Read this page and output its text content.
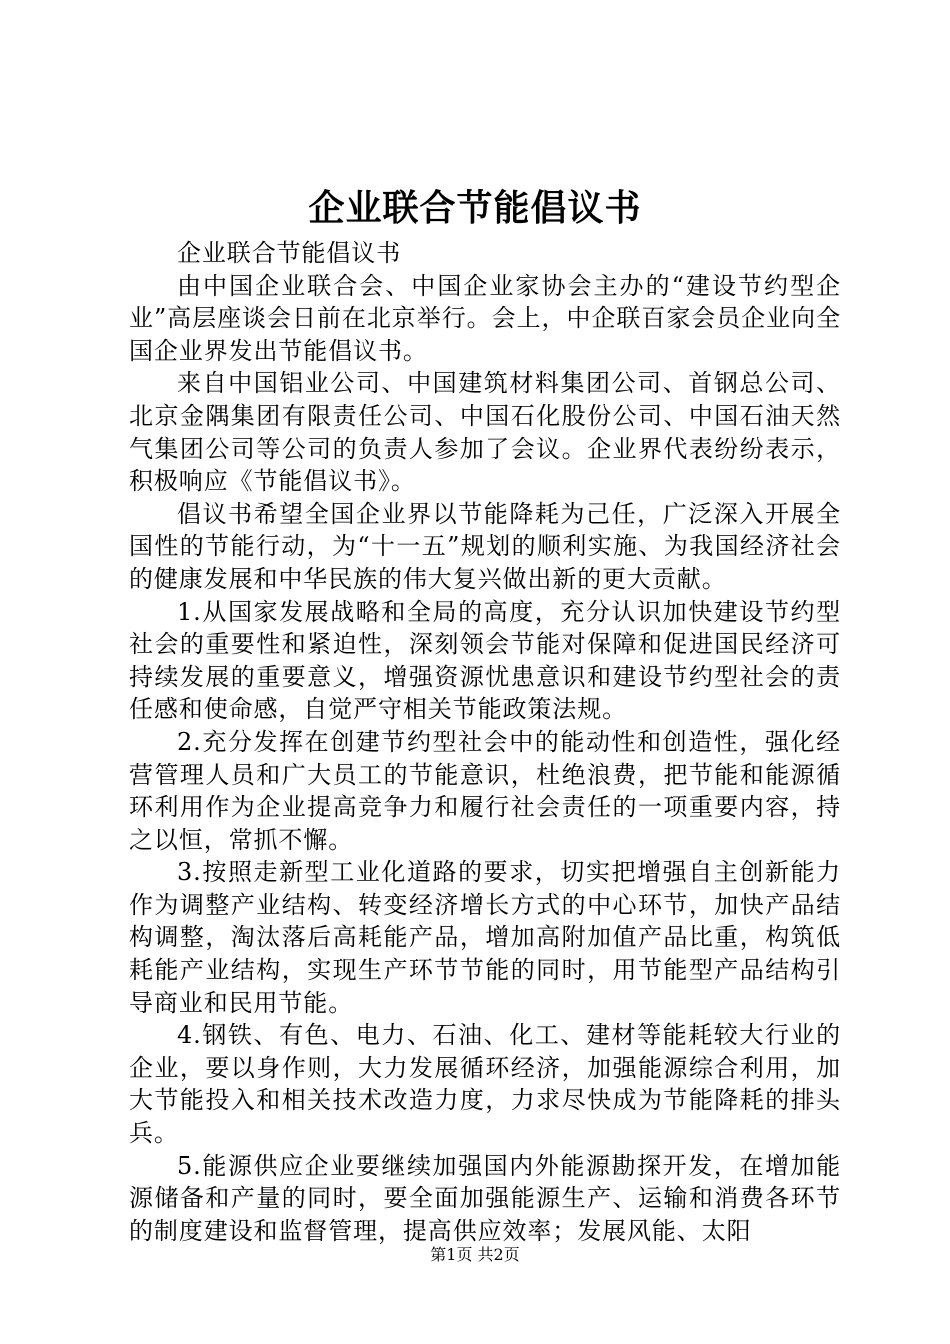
企业联合节能倡议书

企业联合节能倡议书

由中国企业联合会、中国企业家协会主办的“建设节约型企业”高层座谈会日前在北京举行。会上，中企联百家会员企业向全国企业界发出节能倡议书。

来自中国铝业公司、中国建筑材料集团公司、首钢总公司、北京金隅集团有限责任公司、中国石化股份公司、中国石油天然气集团公司等公司的负责人参加了会议。企业界代表纷纷表示，积极响应《节能倡议书》。

倡议书希望全国企业界以节能降耗为己任，广泛深入开展全国性的节能行动，为“十一五”规划的顺利实施、为我国经济社会的健康发展和中华民族的伟大复兴做出新的更大贡献。

1.从国家发展战略和全局的高度，充分认识加快建设节约型社会的重要性和紧迫性，深刻领会节能对保障和促进国民经济可持续发展的重要意义，增强资源忧患意识和建设节约型社会的责任感和使命感，自觉严守相关节能政策法规。

2.充分发挥在创建节约型社会中的能动性和创造性，强化经营管理人员和广大员工的节能意识，杜绝浪费，把节能和能源循环利用作为企业提高竞争力和履行社会责任的一项重要内容，持之以恒，常抓不懈。

3.按照走新型工业化道路的要求，切实把增强自主创新能力作为调整产业结构、转变经济增长方式的中心环节，加快产品结构调整，淘汰落后高耗能产品，增加高附加值产品比重，构筑低耗能产业结构，实现生产环节节能的同时，用节能型产品结构引导商业和民用节能。

4.钢铁、有色、电力、石油、化工、建材等能耗较大行业的企业，要以身作则，大力发展循环经济，加强能源综合利用，加大节能投入和相关技术改造力度，力求尽快成为节能降耗的排头兵。

5.能源供应企业要继续加强国内外能源勘探开发，在增加能源储备和产量的同时，要全面加强能源生产、运输和消费各环节的制度建设和监督管理，提高供应效率；发展风能、太阳

第1页 共2页
